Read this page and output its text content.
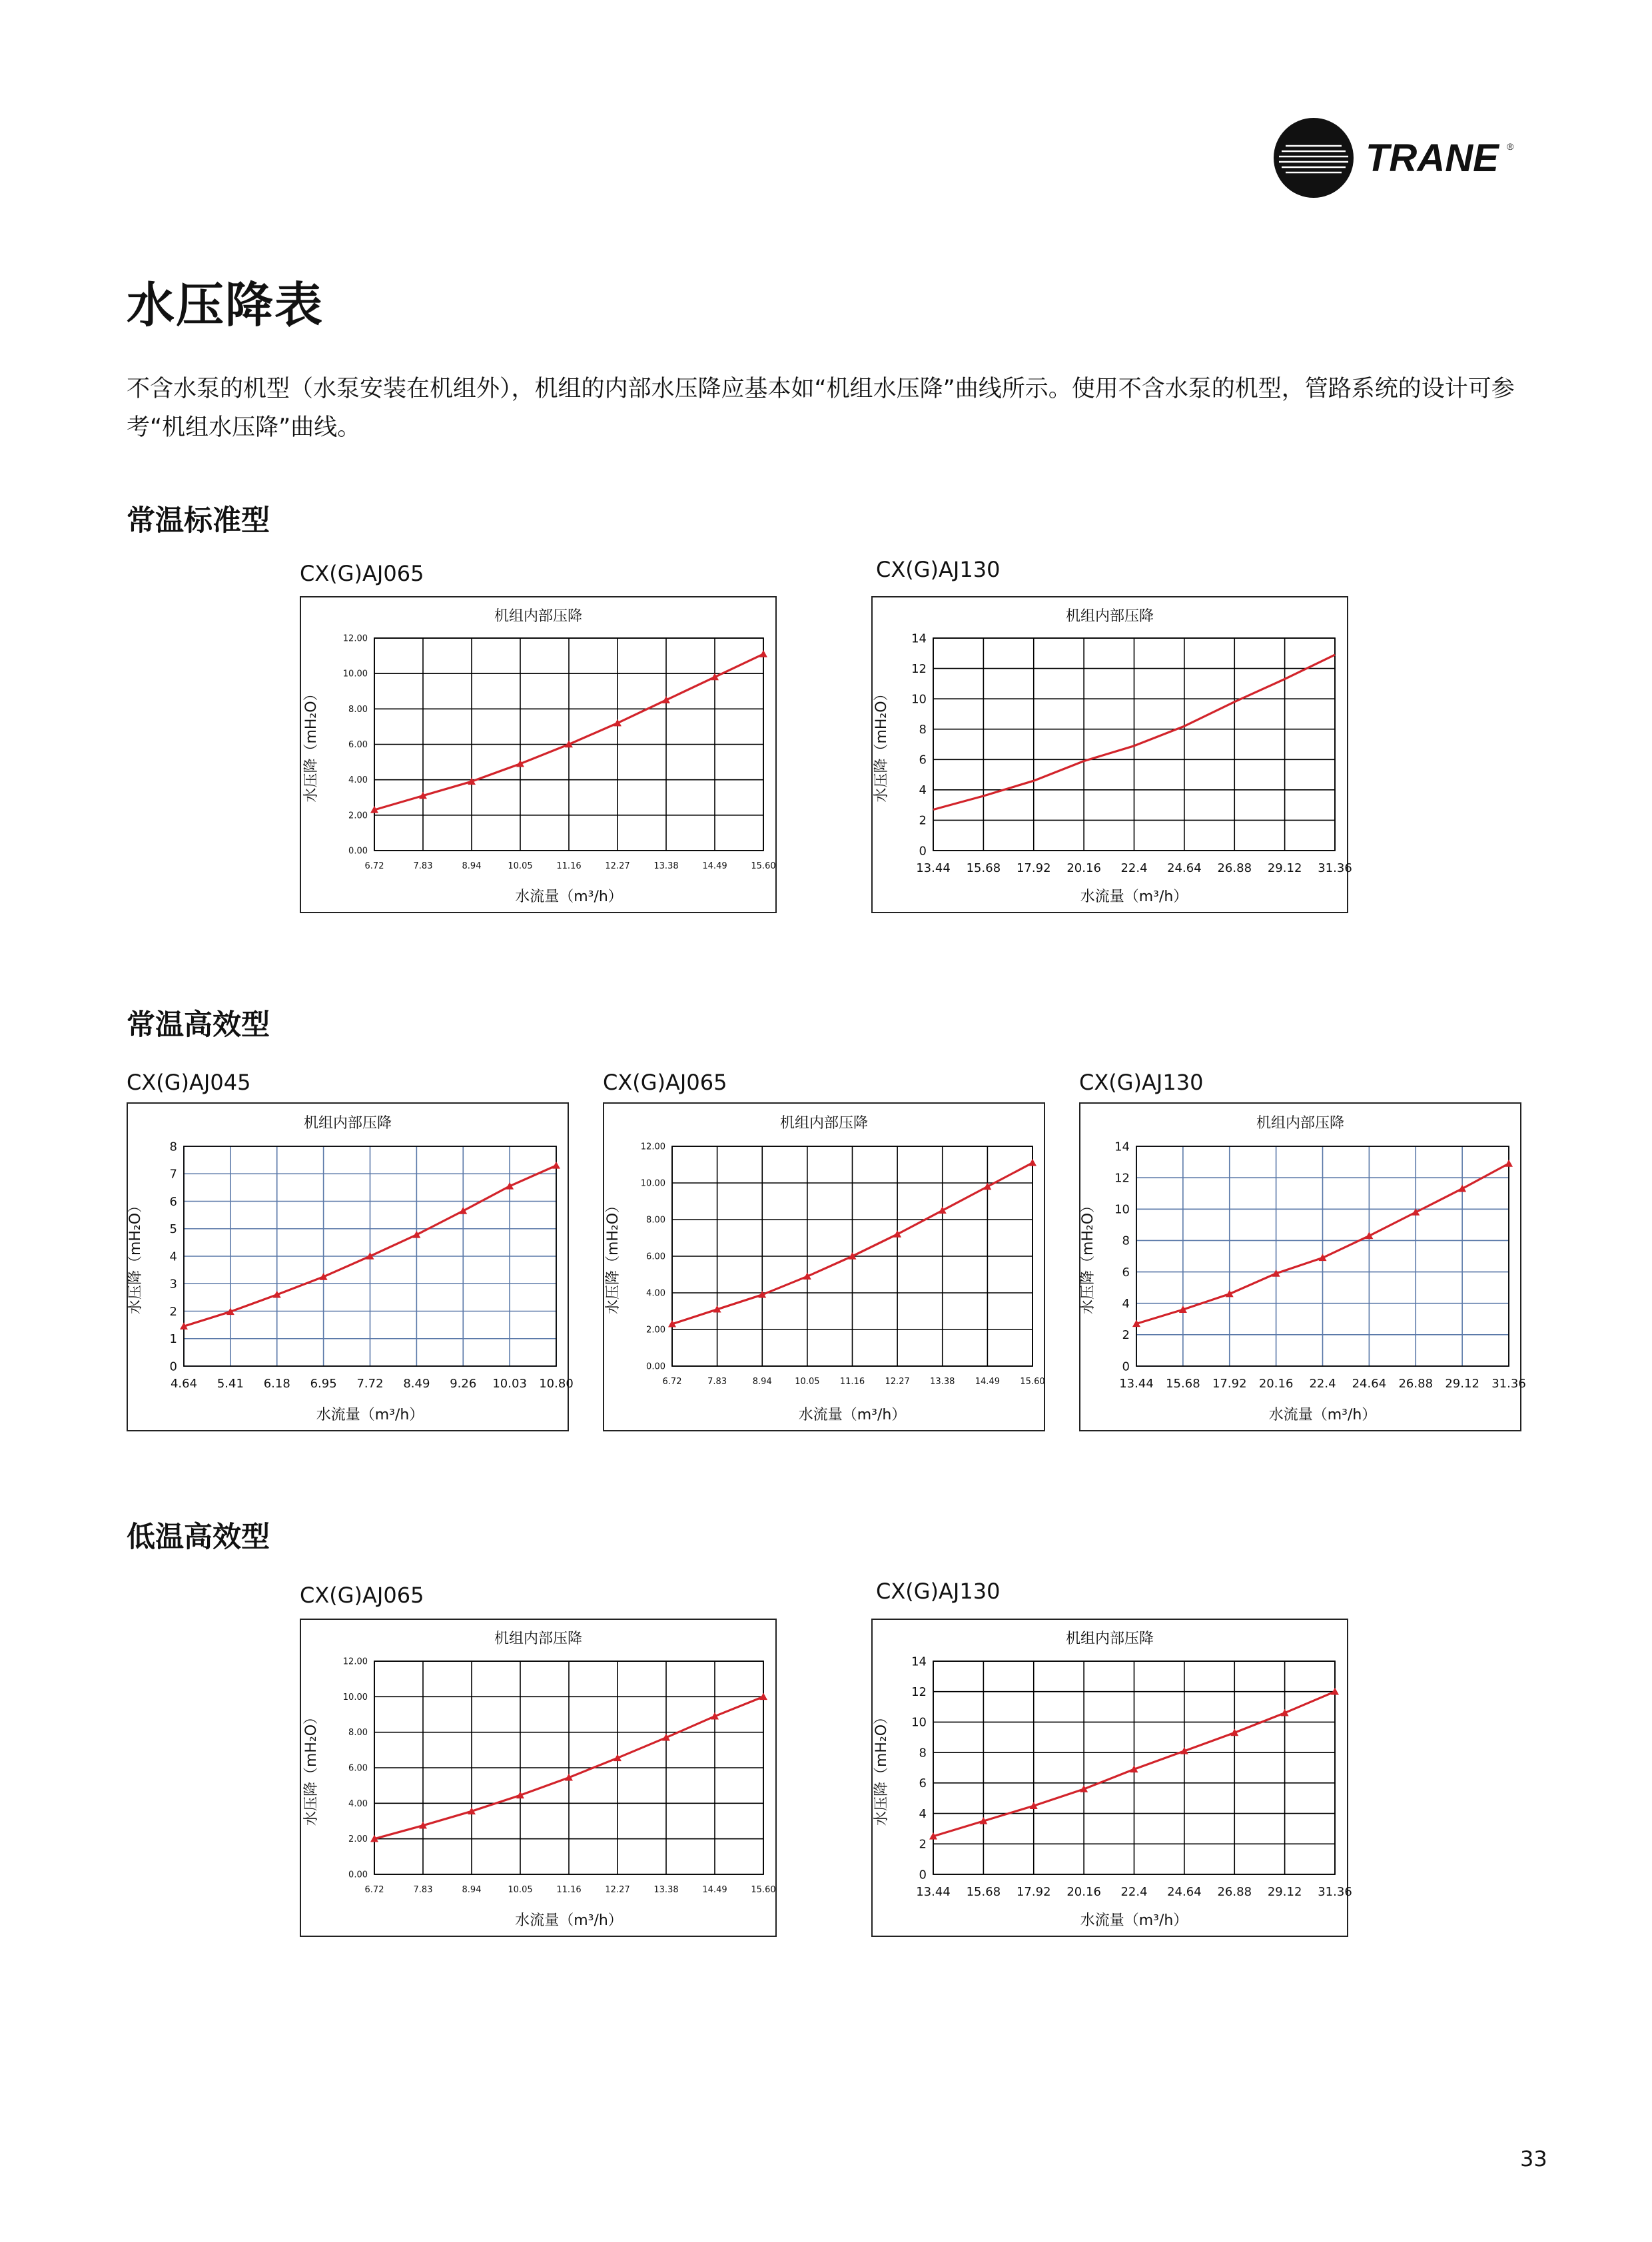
TRANE ®
水压降表

不含水泵的机型（水泵安装在机组外），机组的内部水压降应基本如“机组水压降”曲线所示。使用不含水泵的机型，管路系统的设计可参考“机组水压降”曲线。

常温标准型
常温高效型
低温高效型
CX(G)AJ065
机组内部压降
0.00
2.00
4.00
6.00
8.00
10.00
12.00
6.72	7.83	8.94	10.05	11.16	12.27	13.38	14.49	15.60
水流量（m³/h）
水压降（mH₂O）
CX(G)AJ130
机组内部压降
0
2
4
6
8
10
12
14
13.44 15.68 17.92 20.16 22.4 24.64 26.88 29.12 31.36
水流量（m³/h）
水压降（mH₂O）
CX(G)AJ045
机组内部压降
0
1
2
3
4
5
6
7
8
4.64 5.41 6.18 6.95 7.72 8.49 9.26 10.03 10.80
水流量（m³/h）
水压降（mH₂O）
CX(G)AJ065
机组内部压降
0.00
2.00
4.00
6.00
8.00
10.00
12.00
6.72	7.83	8.94	10.05 11.16 12.27 13.38 14.49 15.60
水流量（m³/h）
水压降（mH₂O）
CX(G)AJ130
机组内部压降
0
2
4
6
8
10
12
14
13.44 15.68 17.92 20.16 22.4 24.64 26.88 29.12 31.36
水流量（m³/h）
水压降（mH₂O）
CX(G)AJ065
机组内部压降
0.00
2.00
4.00
6.00
8.00
10.00
12.00
6.72	7.83	8.94	10.05	11.16	12.27	13.38	14.49	15.60
水流量（m³/h）
水压降（mH₂O）
CX(G)AJ130
机组内部压降
0
2
4
6
8
10
12
14
13.44 15.68 17.92 20.16 22.4 24.64 26.88 29.12 31.36
水流量（m³/h）
水压降（mH₂O）
33
